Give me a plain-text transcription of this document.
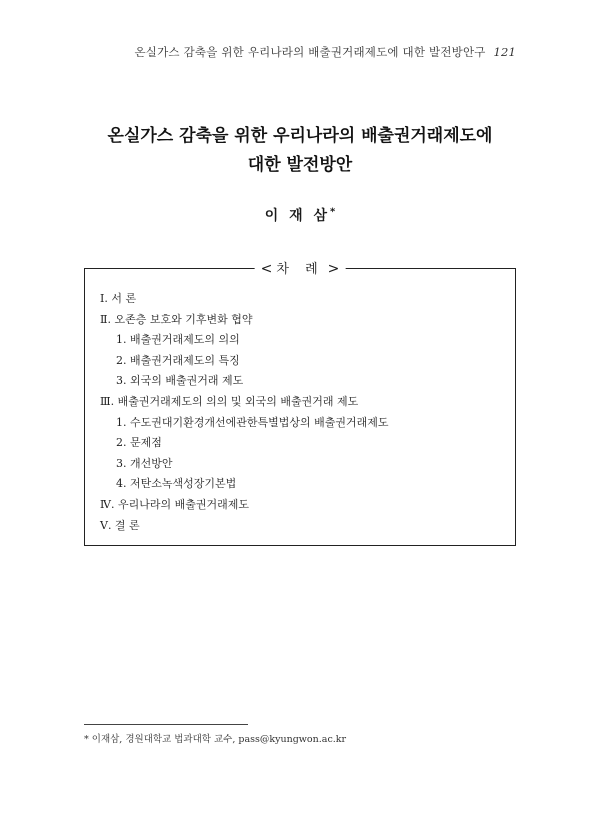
온실가스 감축을 위한 우리나라의 배출권거래제도에 대한 발전방안구 121
온실가스 감축을 위한 우리나라의 배출권거래제도에
대한 발전방안
이 재 삼*
< 차 례 >
Ⅰ. 서 론
Ⅱ. 오존층 보호와 기후변화 협약
1. 배출권거래제도의 의의
2. 배출권거래제도의 특징
3. 외국의 배출권거래 제도
Ⅲ. 배출권거래제도의 의의 및 외국의 배출권거래 제도
1. 수도권대기환경개선에관한특별법상의 배출권거래제도
2. 문제점
3. 개선방안
4. 저탄소녹색성장기본법
Ⅳ. 우리나라의 배출권거래제도
Ⅴ. 결 론
* 이재삼, 경원대학교 법과대학 교수, pass@kyungwon.ac.kr
